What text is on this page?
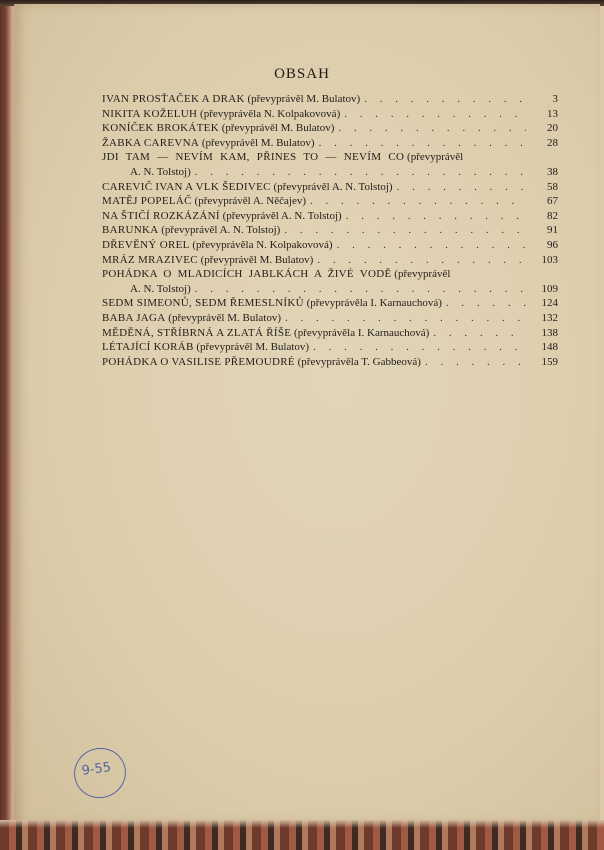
OBSAH
IVAN PROSŤAČEK A DRAK (převyprávěl M. Bulatov) . . .	3
NIKITA KOŽELUH (převyprávěla N. Kolpakovová) . . .	13
KONÍČEK BROKÁTEK (převyprávěl M. Bulatov) . . .	20
ŽABKA CAREVNA (převyprávěl M. Bulatov) . . .	28
JDI TAM — NEVÍM KAM, PŘINES TO — NEVÍM CO (převyprávěl
A. N. Tolstoj) . . .	38
CAREVIČ IVAN A VLK ŠEDIVEC (převyprávěl A. N. Tolstoj) . . .	58
MATĚJ POPELÁČ (převyprávěl A. Něčajev) . . .	67
NA ŠTIČÍ ROZKÁZÁNÍ (převyprávěl A. N. Tolstoj) . . .	82
BARUNKA (převyprávěl A. N. Tolstoj) . . .	91
DŘEVĚNÝ OREL (převyprávěla N. Kolpakovová) . . .	96
MRÁZ MRAZIVEC (převyprávěl M. Bulatov) . . .	103
POHÁDKA O MLADICÍCH JABLKÁCH A ŽIVÉ VODĚ (převyprávěl
A. N. Tolstoj) . . .	109
SEDM SIMEONŮ, SEDM ŘEMESLNÍKŮ (převyprávěla I. Karnauchová) . . .	124
BABA JAGA (převyprávěl M. Bulatov) . . .	132
MĚDĚNÁ, STŘÍBRNÁ A ZLATÁ ŘÍŠE (převyprávěla I. Karnauchová) . . .	138
LÉTAJÍCÍ KORÁB (převyprávěl M. Bulatov) . . .	148
POHÁDKA O VASILISE PŘEMOUDRÉ (převyprávěla T. Gabbeová) . . .	159
9-55
